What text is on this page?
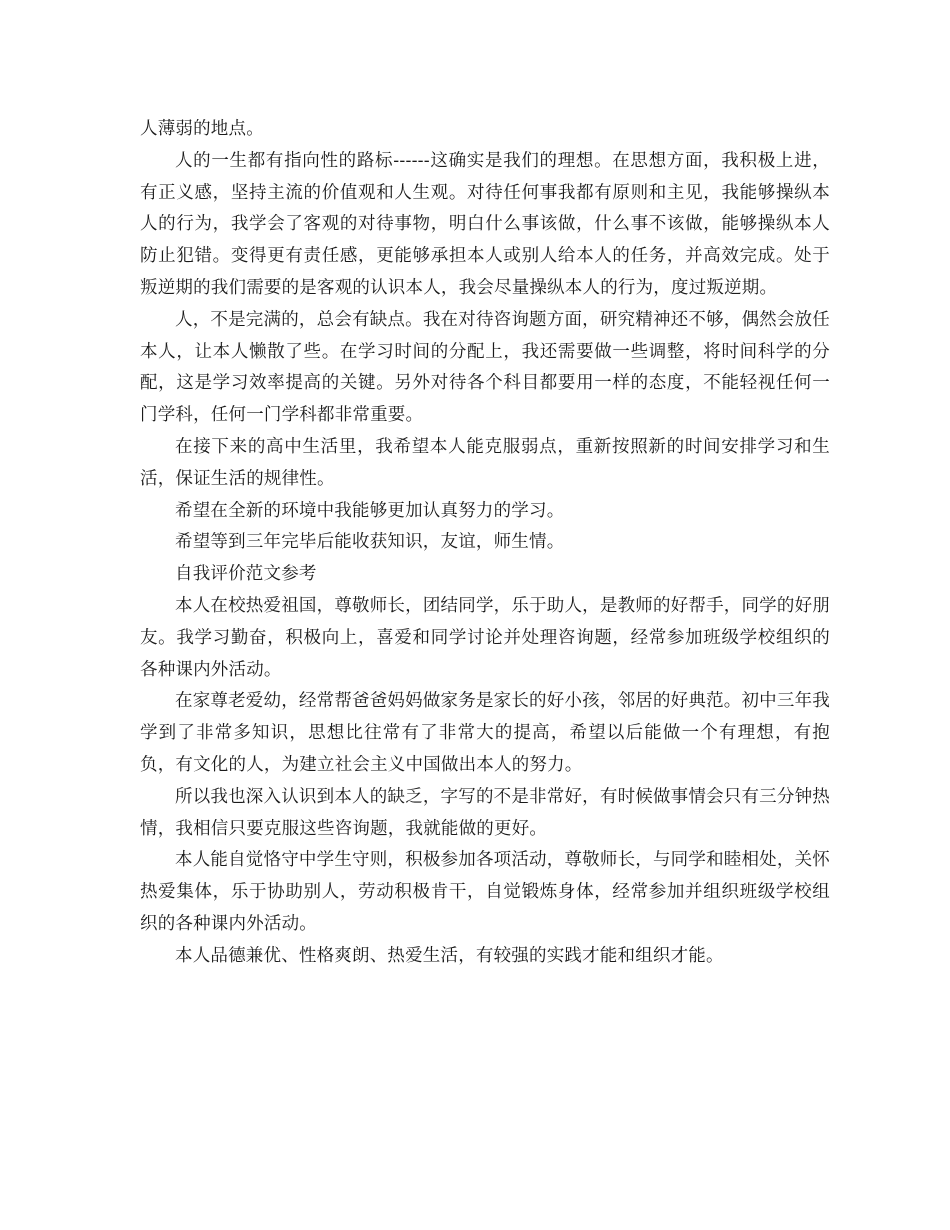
人薄弱的地点。

人的一生都有指向性的路标------这确实是我们的理想。在思想方面，我积极上进，有正义感，坚持主流的价值观和人生观。对待任何事我都有原则和主见，我能够操纵本人的行为，我学会了客观的对待事物，明白什么事该做，什么事不该做，能够操纵本人防止犯错。变得更有责任感，更能够承担本人或别人给本人的任务，并高效完成。处于叛逆期的我们需要的是客观的认识本人，我会尽量操纵本人的行为，度过叛逆期。

人，不是完满的，总会有缺点。我在对待咨询题方面，研究精神还不够，偶然会放任本人，让本人懒散了些。在学习时间的分配上，我还需要做一些调整，将时间科学的分配，这是学习效率提高的关键。另外对待各个科目都要用一样的态度，不能轻视任何一门学科，任何一门学科都非常重要。

在接下来的高中生活里，我希望本人能克服弱点，重新按照新的时间安排学习和生活，保证生活的规律性。

希望在全新的环境中我能够更加认真努力的学习。

希望等到三年完毕后能收获知识，友谊，师生情。

自我评价范文参考

本人在校热爱祖国，尊敬师长，团结同学，乐于助人，是教师的好帮手，同学的好朋友。我学习勤奋，积极向上，喜爱和同学讨论并处理咨询题，经常参加班级学校组织的各种课内外活动。

在家尊老爱幼，经常帮爸爸妈妈做家务是家长的好小孩，邻居的好典范。初中三年我学到了非常多知识，思想比往常有了非常大的提高，希望以后能做一个有理想，有抱负，有文化的人，为建立社会主义中国做出本人的努力。

所以我也深入认识到本人的缺乏，字写的不是非常好，有时候做事情会只有三分钟热情，我相信只要克服这些咨询题，我就能做的更好。

本人能自觉恪守中学生守则，积极参加各项活动，尊敬师长，与同学和睦相处，关怀热爱集体，乐于协助别人，劳动积极肯干，自觉锻炼身体，经常参加并组织班级学校组织的各种课内外活动。

本人品德兼优、性格爽朗、热爱生活，有较强的实践才能和组织才能。
